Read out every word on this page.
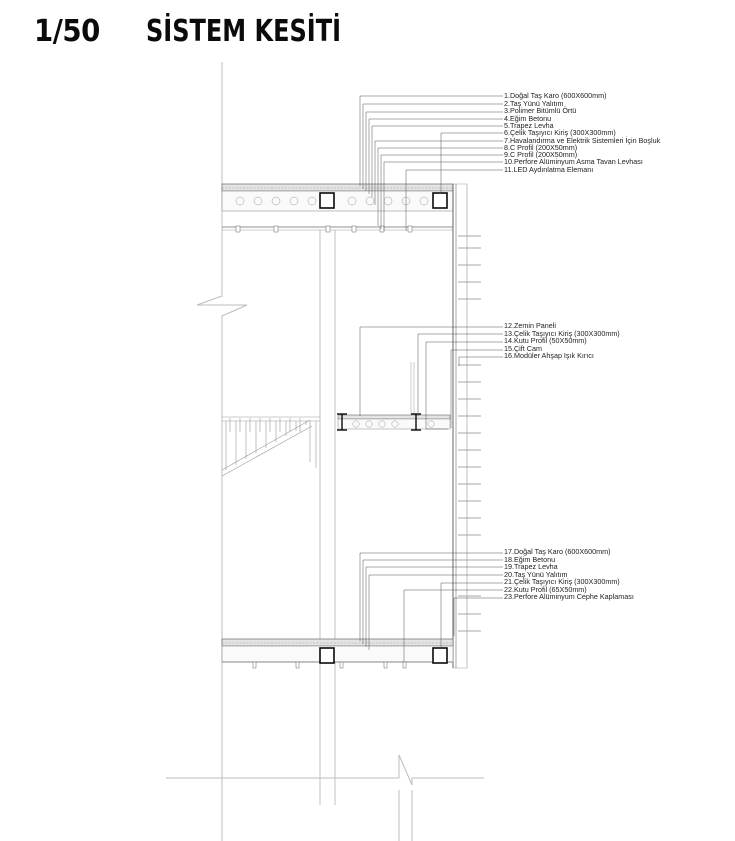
1/50 SİSTEM KESİTİ
1.Doğal Taş Karo (600X600mm)
2.Taş Yünü Yalıtım
3.Polimer Bitümlü Örtü
4.Eğim Betonu
5.Trapez Levha
6.Çelik Taşıyıcı Kiriş (300X300mm)
7.Havalandırma ve Elektrik Sistemleri İçin Boşluk
8.C Profil (200X50mm)
9.C Profil (200X50mm)
10.Perfore Alüminyum Asma Tavan Levhası
11.LED Aydınlatma Elemanı
12.Zemin Paneli
13.Çelik Taşıyıcı Kiriş (300X300mm)
14.Kutu Profil (50X50mm)
15.Çift Cam
16.Modüler Ahşap Işık Kırıcı
17.Doğal Taş Karo (600X600mm)
18.Eğim Betonu
19.Trapez Levha
20.Taş Yünü Yalıtım
21.Çelik Taşıyıcı Kiriş (300X300mm)
22.Kutu Profil (65X50mm)
23.Perfore Alüminyum Cephe Kaplaması
